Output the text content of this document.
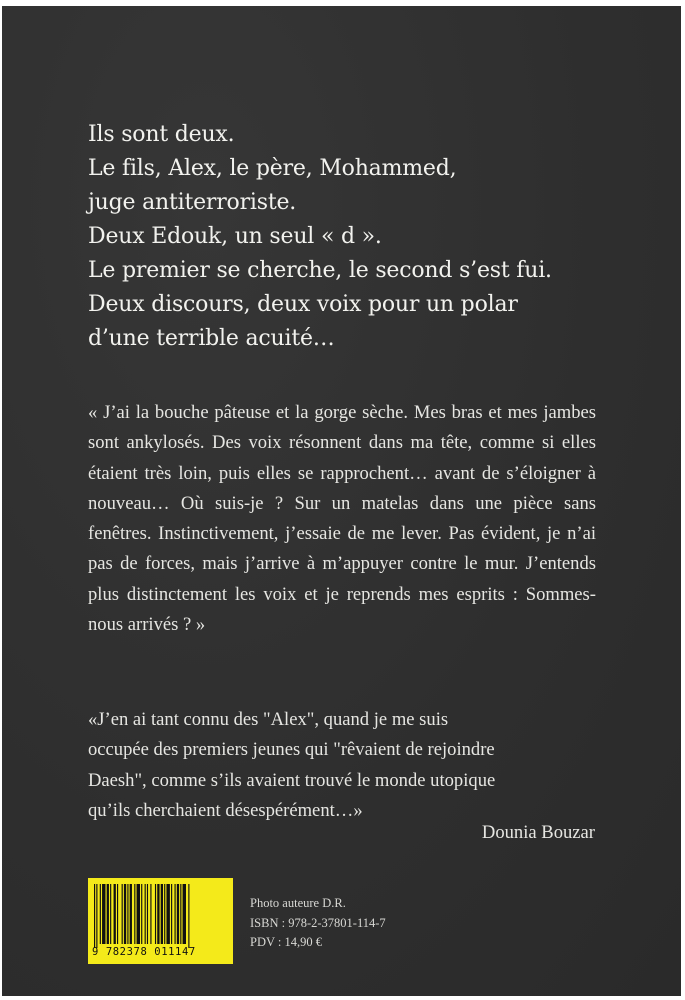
Ils sont deux.
Le fils, Alex, le père, Mohammed,
juge antiterroriste.
Deux Edouk, un seul « d ».
Le premier se cherche, le second s’est fui.
Deux discours, deux voix pour un polar
d’une terrible acuité…

« J’ai la bouche pâteuse et la gorge sèche. Mes bras et mes jambes sont ankylosés. Des voix résonnent dans ma tête, comme si elles étaient très loin, puis elles se rapprochent… avant de s’éloigner à nouveau… Où suis-je ? Sur un matelas dans une pièce sans fenêtres. Instinctivement, j’essaie de me lever. Pas évident, je n’ai pas de forces, mais j’arrive à m’appuyer contre le mur. J’entends plus distinctement les voix et je reprends mes esprits : Sommes-nous arrivés ? »

«J’en ai tant connu des "Alex", quand je me suis
occupée des premiers jeunes qui "rêvaient de rejoindre
Daesh", comme s’ils avaient trouvé le monde utopique
qu’ils cherchaient désespérément…»
Dounia Bouzar
9 782378 011147
Photo auteure D.R.
ISBN : 978-2-37801-114-7
PDV : 14,90 €
